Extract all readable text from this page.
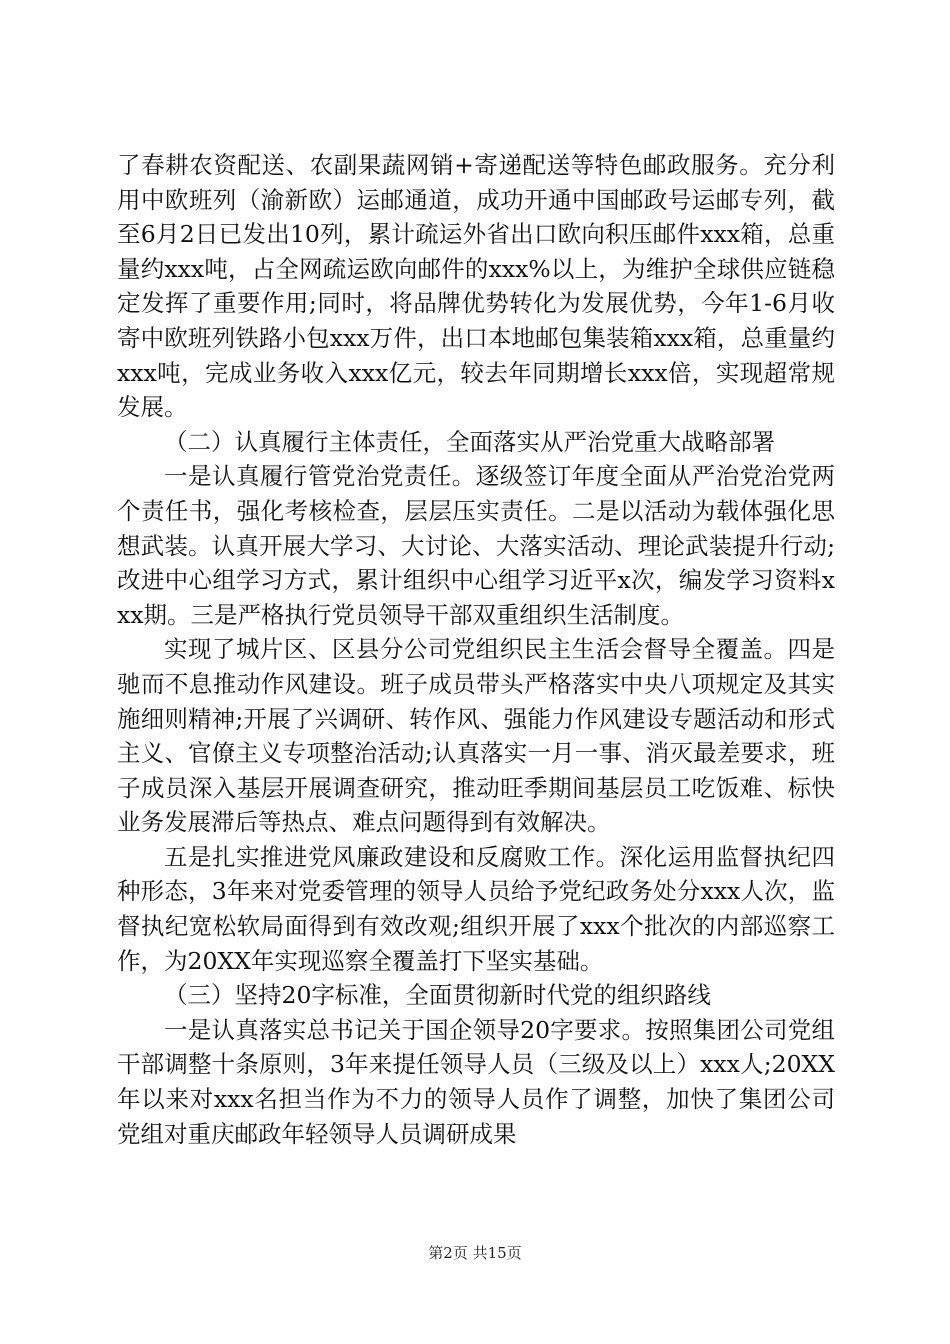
了春耕农资配送、农副果蔬网销+寄递配送等特色邮政服务。充分利用中欧班列（渝新欧）运邮通道，成功开通中国邮政号运邮专列，截至6月2日已发出10列，累计疏运外省出口欧向积压邮件xxx箱，总重量约xxx吨，占全网疏运欧向邮件的xxx%以上，为维护全球供应链稳定发挥了重要作用;同时，将品牌优势转化为发展优势，今年1-6月收寄中欧班列铁路小包xxx万件，出口本地邮包集装箱xxx箱，总重量约xxx吨，完成业务收入xxx亿元，较去年同期增长xxx倍，实现超常规发展。

（二）认真履行主体责任，全面落实从严治党重大战略部署

一是认真履行管党治党责任。逐级签订年度全面从严治党治党两个责任书，强化考核检查，层层压实责任。二是以活动为载体强化思想武装。认真开展大学习、大讨论、大落实活动、理论武装提升行动;改进中心组学习方式，累计组织中心组学习近平x次，编发学习资料xxx期。三是严格执行党员领导干部双重组织生活制度。

实现了城片区、区县分公司党组织民主生活会督导全覆盖。四是驰而不息推动作风建设。班子成员带头严格落实中央八项规定及其实施细则精神;开展了兴调研、转作风、强能力作风建设专题活动和形式主义、官僚主义专项整治活动;认真落实一月一事、消灭最差要求，班子成员深入基层开展调查研究，推动旺季期间基层员工吃饭难、标快业务发展滞后等热点、难点问题得到有效解决。

五是扎实推进党风廉政建设和反腐败工作。深化运用监督执纪四种形态，3年来对党委管理的领导人员给予党纪政务处分xxx人次，监督执纪宽松软局面得到有效改观;组织开展了xxx个批次的内部巡察工作，为20XX年实现巡察全覆盖打下坚实基础。

（三）坚持20字标准，全面贯彻新时代党的组织路线

一是认真落实总书记关于国企领导20字要求。按照集团公司党组干部调整十条原则，3年来提任领导人员（三级及以上）xxx人;20XX年以来对xxx名担当作为不力的领导人员作了调整，加快了集团公司党组对重庆邮政年轻领导人员调研成果

第2页 共15页
